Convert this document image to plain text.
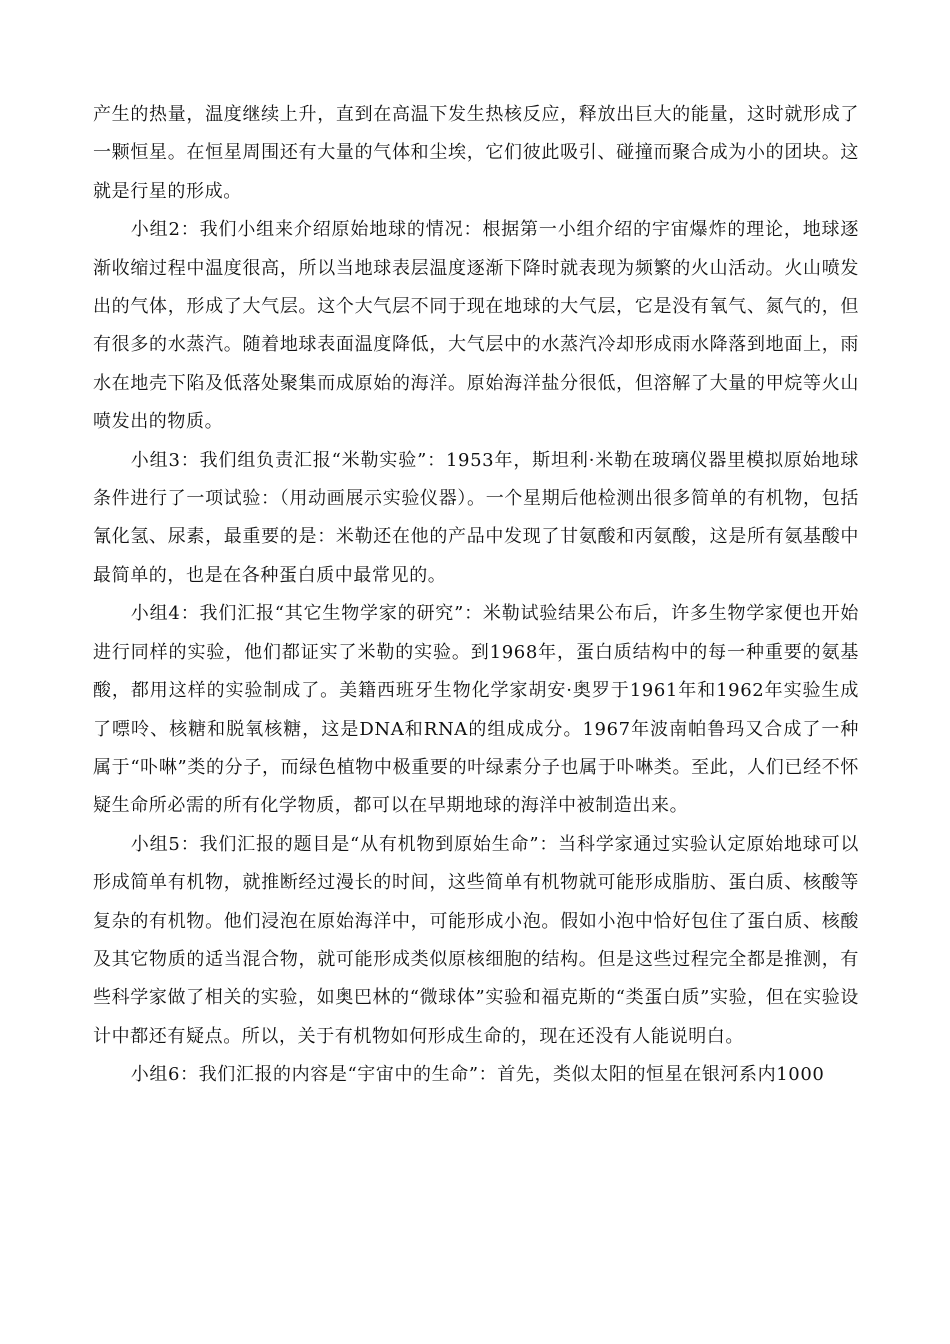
产生的热量，温度继续上升，直到在高温下发生热核反应，释放出巨大的能量，这时就形成了一颗恒星。在恒星周围还有大量的气体和尘埃，它们彼此吸引、碰撞而聚合成为小的团块。这就是行星的形成。

小组2：我们小组来介绍原始地球的情况：根据第一小组介绍的宇宙爆炸的理论，地球逐渐收缩过程中温度很高，所以当地球表层温度逐渐下降时就表现为频繁的火山活动。火山喷发出的气体，形成了大气层。这个大气层不同于现在地球的大气层，它是没有氧气、氮气的，但有很多的水蒸汽。随着地球表面温度降低，大气层中的水蒸汽冷却形成雨水降落到地面上，雨水在地壳下陷及低落处聚集而成原始的海洋。原始海洋盐分很低，但溶解了大量的甲烷等火山喷发出的物质。

小组3：我们组负责汇报“米勒实验”：1953年，斯坦利·米勒在玻璃仪器里模拟原始地球条件进行了一项试验：（用动画展示实验仪器）。一个星期后他检测出很多简单的有机物，包括氰化氢、尿素，最重要的是：米勒还在他的产品中发现了甘氨酸和丙氨酸，这是所有氨基酸中最简单的，也是在各种蛋白质中最常见的。

小组4：我们汇报“其它生物学家的研究”：米勒试验结果公布后，许多生物学家便也开始进行同样的实验，他们都证实了米勒的实验。到1968年，蛋白质结构中的每一种重要的氨基酸，都用这样的实验制成了。美籍西班牙生物化学家胡安·奥罗于1961年和1962年实验生成了嘌呤、核糖和脱氧核糖，这是DNA和RNA的组成成分。1967年波南帕鲁玛又合成了一种属于“卟啉”类的分子，而绿色植物中极重要的叶绿素分子也属于卟啉类。至此，人们已经不怀疑生命所必需的所有化学物质，都可以在早期地球的海洋中被制造出来。

小组5：我们汇报的题目是“从有机物到原始生命”：当科学家通过实验认定原始地球可以形成简单有机物，就推断经过漫长的时间，这些简单有机物就可能形成脂肪、蛋白质、核酸等复杂的有机物。他们浸泡在原始海洋中，可能形成小泡。假如小泡中恰好包住了蛋白质、核酸及其它物质的适当混合物，就可能形成类似原核细胞的结构。但是这些过程完全都是推测，有些科学家做了相关的实验，如奥巴林的“微球体”实验和福克斯的“类蛋白质”实验，但在实验设计中都还有疑点。所以，关于有机物如何形成生命的，现在还没有人能说明白。

小组6：我们汇报的内容是“宇宙中的生命”：首先，类似太阳的恒星在银河系内1000
